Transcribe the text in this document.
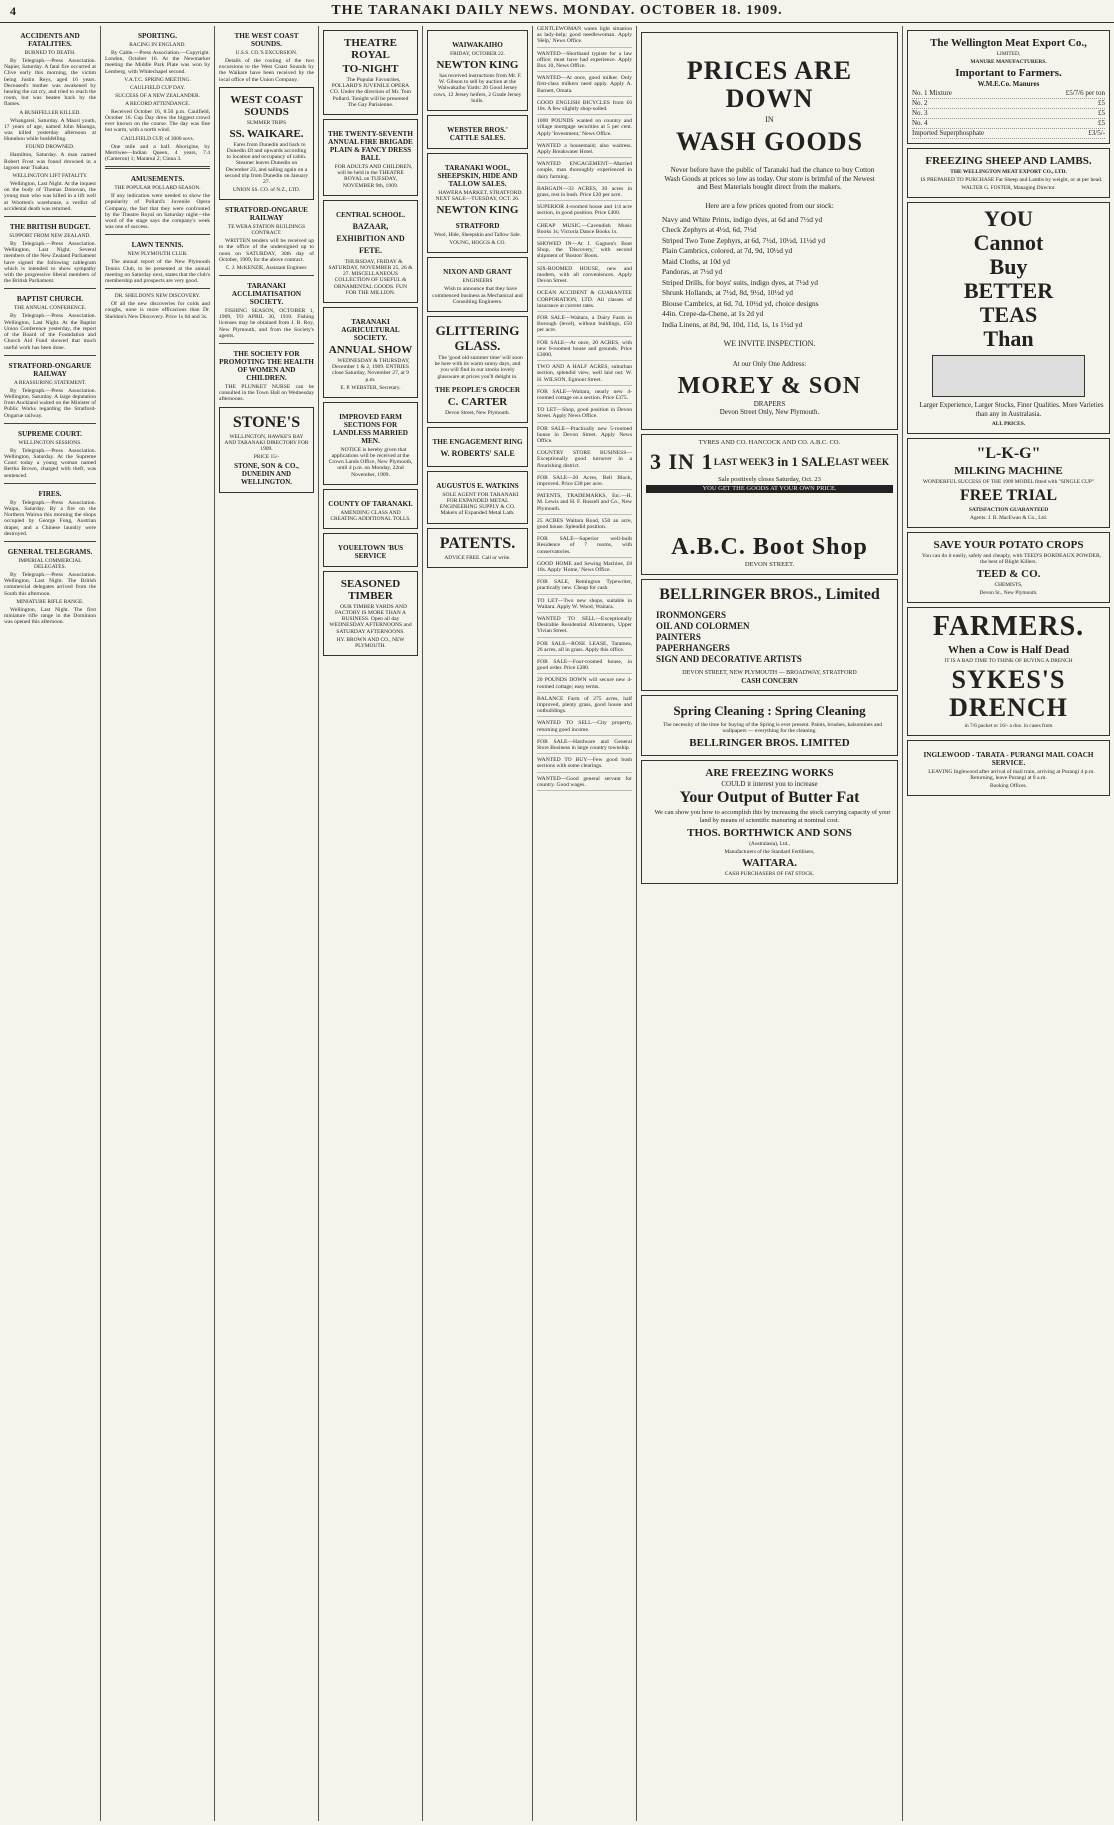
4	THE TARANAKI DAILY NEWS. MONDAY. OCTOBER 18. 1909.
ACCIDENTS AND FATALITIES.
BURNED TO DEATH.

By Telegraph.—Press Association. Napier, Saturday. A fatal fire occurred at Clive early this morning, the victim being Justin Reys, aged 16 years. Deceased's mother was awakened by hearing the cat cry, and tried to reach the room, but was beaten back by the flames.

A BUSHFELLER KILLED.

Whangarei, Saturday. A Maori youth, 17 years of age, named John Maunga, was killed yesterday afternoon at Hunuhou while bushfelling.

FOUND DROWNED.

Hamilton, Saturday. A man named Robert Frost was found drowned in a lagoon near Tuakau.

WELLINGTON LIFT FATALITY.

Wellington, Last Night. At the inquest on the body of Thomas Donovan, the young man who was killed in a lift well at Wootten's warehouse, a verdict of accidental death was returned.

THE BRITISH BUDGET.
SUPPORT FROM NEW ZEALAND.

By Telegraph.—Press Association. Wellington, Last Night. Several members of the New Zealand Parliament have signed the following cablegram which is intended to show sympathy with the progressive liberal members of the British Parliament.

BAPTIST CHURCH.
THE ANNUAL CONFERENCE.

By Telegraph.—Press Association. Wellington, Last Night. At the Baptist Union Conference yesterday, the report of the Board of the Foundation and Church Aid Fund showed that much useful work has been done.

STRATFORD-ONGARUE RAILWAY
A REASSURING STATEMENT.

By Telegraph.—Press Association. Wellington, Saturday. A large deputation from Auckland waited on the Minister of Public Works regarding the Stratford-Ongarue railway.

SUPREME COURT.
WELLINGTON SESSIONS.

By Telegraph.—Press Association. Wellington, Saturday. At the Supreme Court today a young woman named Bertha Brown, charged with theft, was sentenced.

FIRES.

By Telegraph.—Press Association. Waipu, Saturday. By a fire on the Northern Wairoa this morning the shops occupied by George Fong, Austrian draper, and a Chinese laundry were destroyed.

GENERAL TELEGRAMS.
IMPERIAL COMMERCIAL DELEGATES.

By Telegraph.—Press Association. Wellington, Last Night. The British commercial delegates arrived from the South this afternoon.

MINIATURE RIFLE RANGE.

Wellington, Last Night. The first miniature rifle range in the Dominion was opened this afternoon.

SPORTING.
RACING IN ENGLAND.

By Cable.—Press Association.—Copyright. London, October 16. At the Newmarket meeting the Middle Park Plate was won by Lemberg, with Whitechapel second.

V.A.T.C. SPRING MEETING.
CAULFIELD CUP DAY.
SUCCESS OF A NEW ZEALANDER.
A RECORD ATTENDANCE.

Received October 16, 8.50 p.m. Caulfield, October 16. Cup Day drew the biggest crowd ever known on the course. The day was fine but warm, with a north wind.

CAULFIELD CUP, of 3000 sovs.

One mile and a half. Aborigine, by Merriwee—Indian Queen, 4 years, 7.4 (Cameron) 1; Maranui 2; Cinna 3.

AMUSEMENTS.
THE POPULAR POLLARD SEASON.

If any indication were needed to show the popularity of Pollard's Juvenile Opera Company, the fact that they were confronted by the Theatre Royal on Saturday night—the word of the stage says the company's week was one of success.

LAWN TENNIS.
NEW PLYMOUTH CLUB.

The annual report of the New Plymouth Tennis Club, to be presented at the annual meeting on Saturday next, states that the club's membership and prospects are very good.

DR. SHELDON'S NEW DISCOVERY.

Of all the new discoveries for colds and coughs, none is more efficacious than Dr. Sheldon's New Discovery. Price 1s 6d and 3s.

THE WEST COAST SOUNDS.
U.S.S. CO.'S EXCURSION.

Details of the routing of the two excursions to the West Coast Sounds by the Waikare have been received by the local office of the Union Company.

WEST COAST SOUNDS
SUMMER TRIPS
SS. WAIKARE.

Fares from Dunedin and back to Dunedin £8 and upwards according to location and occupancy of cabin. Steamer leaves Dunedin on December 23, and sailing again on a second trip from Dunedin on January 27.

UNION SS. CO. of N.Z., LTD.
STRATFORD-ONGARUE RAILWAY
TE WERA STATION BUILDINGS CONTRACT.

WRITTEN tenders will be received up to the office of the undersigned up to noon on SATURDAY, 30th day of October, 1909, for the above contract.

C. J. McKENZIE, Assistant Engineer.
TARANAKI ACCLIMATISATION SOCIETY.

FISHING SEASON, OCTOBER 1, 1909, TO APRIL 30, 1910. Fishing licenses may be obtained from J. B. Roy, New Plymouth, and from the Society's agents.

THE SOCIETY FOR PROMOTING THE HEALTH OF WOMEN AND CHILDREN.

THE PLUNKET NURSE can be consulted in the Town Hall on Wednesday afternoons.

STONE'S
WELLINGTON, HAWKE'S BAY AND TARANAKI DIRECTORY FOR 1909.
PRICE 15/-
STONE, SON & CO., DUNEDIN AND WELLINGTON.
THEATRE ROYAL
TO-NIGHT

The Popular Favourites, POLLARD'S JUVENILE OPERA CO. Under the direction of Mr. Tom Pollard. Tonight will be presented The Gay Parisienne.

THE TWENTY-SEVENTH ANNUAL FIRE BRIGADE PLAIN & FANCY DRESS BALL

FOR ADULTS AND CHILDREN, will be held in the THEATRE ROYAL on TUESDAY, NOVEMBER 9th, 1909.

CENTRAL SCHOOL.
BAZAAR, EXHIBITION AND FETE.

THURSDAY, FRIDAY & SATURDAY, NOVEMBER 25, 26 & 27. MISCELLANEOUS COLLECTION OF USEFUL & ORNAMENTAL GOODS. FUN FOR THE MILLION.

TARANAKI AGRICULTURAL SOCIETY.
ANNUAL SHOW

WEDNESDAY & THURSDAY, December 1 & 2, 1909. ENTRIES close Saturday, November 27, at 9 p.m.

E. P. WEBSTER, Secretary.
IMPROVED FARM SECTIONS FOR LANDLESS MARRIED MEN.

NOTICE is hereby given that applications will be received at the Crown Lands Office, New Plymouth, until 4 p.m. on Monday, 22nd November, 1909.

COUNTY OF TARANAKI.
AMENDING CLASS AND CREATING ADDITIONAL TOLLS.
YOUELTOWN 'BUS SERVICE
SEASONED TIMBER

OUR TIMBER YARDS AND FACTORY IS MORE THAN A BUSINESS. Open all day WEDNESDAY AFTERNOONS and SATURDAY AFTERNOONS.

HY. BROWN AND CO., NEW PLYMOUTH.
WAIWAKAIHO
FRIDAY, OCTOBER 22.
NEWTON KING

has received instructions from Mr. F. W. Gibson to sell by auction at the Waiwakaiho Yards: 20 Good Jersey cows, 12 Jersey heifers, 2 Grade Jersey bulls.

WEBSTER BROS.' CATTLE SALES.
TARANAKI WOOL, SHEEPSKIN, HIDE AND TALLOW SALES.

HAWERA MARKET, STRATFORD. NEXT SALE—TUESDAY, OCT. 26.

NEWTON KING
STRATFORD
Wool, Hide, Sheepskin and Tallow Sale.
YOUNG, HOGGS & CO.
NIXON AND GRANT
ENGINEERS

Wish to announce that they have commenced business as Mechanical and Consulting Engineers.

GLITTERING GLASS.

The 'good old summer time' will soon be here with its warm sunny days, and you will find in our stocks lovely glassware at prices you'll delight in.

THE PEOPLE'S GROCER
C. CARTER
Devon Street, New Plymouth.
THE ENGAGEMENT RING
W. ROBERTS' SALE
AUGUSTUS E. WATKINS

SOLE AGENT FOR TARANAKI FOR EXPANDED METAL ENGINEERING SUPPLY & CO. Makers of Expanded Metal Lath.

PATENTS.
ADVICE FREE. Call or write.
GENTLEWOMAN wants light situation as lady-help; good needlewoman. Apply 'Help,' News Office.
WANTED—Shorthand typiste for a law office; must have had experience. Apply Box 10, News Office.
WANTED—At once, good milker. Only first-class milkers need apply. Apply A. Barnett, Omata.
GOOD ENGLISH BICYCLES from £6 10s. A few slightly shop-soiled.
1000 POUNDS wanted on country and village mortgage securities at 5 per cent. Apply 'Investment,' News Office.
WANTED a housemaid; also waitress. Apply Breakwater Hotel.
WANTED ENGAGEMENT—Married couple, man thoroughly experienced in dairy farming.
BARGAIN—33 ACRES, 30 acres in grass, rest in bush. Price £20 per acre.
SUPERIOR 4-roomed house and 1/4 acre section, in good position. Price £400.
CHEAP MUSIC.—Cavendish Music Books 1s; Victoria Dance Books 1s.
SHOWED IN—At J. Gagnon's Boot Shop, the 'Discovery,' with second shipment of 'Boston' Boots.
SIX-ROOMED HOUSE, new and modern, with all conveniences. Apply Devon Street.
OCEAN ACCIDENT & GUARANTEE CORPORATION, LTD. All classes of insurance at current rates.
FOR SALE—Waitara, a Dairy Farm in Borough (level), without buildings, £50 per acre.
FOR SALE—At once, 20 ACRES, with new 6-roomed house and grounds. Price £3000.
TWO AND A HALF ACRES, suburban section, splendid view, well laid out. W. H. WILSON, Egmont Street.
FOR SALE—Waitara, nearly new 4-roomed cottage on a section. Price £375.
TO LET—Shop, good position in Devon Street. Apply News Office.
FOR SALE—Practically new 5-roomed house in Devon Street. Apply News Office.
COUNTRY STORE BUSINESS—Exceptionally good turnover in a flourishing district.
FOR SALE—20 Acres, Bell Block, improved. Price £38 per acre.
PATENTS, TRADEMARKS, Etc.—H. M. Lewis and H. F. Russell and Co., New Plymouth.
25 ACRES Waitara Road, £50 an acre, good house. Splendid position.
FOR SALE—Superior well-built Residence of 7 rooms, with conservatories.
GOOD HOME and Sewing Machine, £8 10s. Apply 'Home,' News Office.
FOR SALE, Remington Typewriter, practically new. Cheap for cash.
TO LET—Two new shops, suitable in Waitara. Apply W. Wood, Waitara.
WANTED TO SELL—Exceptionally Desirable Residential Allotments, Upper Vivian Street.
FOR SALE—ROSE LEASE, Taramea, 26 acres, all in grass. Apply this office.
FOR SALE—Four-roomed house, in good order. Price £280.
20 POUNDS DOWN will secure new 4-roomed cottage; easy terms.
BALANCE Farm of 275 acres, half improved, plenty grass, good house and outbuildings.
WANTED TO SELL—City property, returning good income.
FOR SALE—Hardware and General Store Business in large country township.
WANTED TO BUY—Few good bush sections with some clearings.
WANTED—Good general servant for country. Good wages.
PRICES ARE DOWN
IN
WASH GOODS

Never before have the public of Taranaki had the chance to buy Cotton Wash Goods at prices so low as today. Our store is brimful of the Newest and Best Materials bought direct from the makers.

Here are a few prices quoted from our stock:
Navy and White Prints, indigo dyes, at 6d and 7½d yd
Check Zephyrs at 4½d, 6d, 7½d
Striped Two Tone Zephyrs, at 6d, 7½d, 10½d, 11½d yd
Plain Cambrics, colored, at 7d, 9d, 10½d yd
Maid Cloths, at 10d yd
Pandoras, at 7½d yd
Striped Drills, for boys' suits, indigo dyes, at 7½d yd
Shrunk Hollands, at 7½d, 8d, 9½d, 10½d yd
Blouse Cambrics, at 6d, 7d, 10½d yd, choice designs
44in. Crepe-da-Chene, at 1s 2d yd
India Linens, at 8d, 9d, 10d, 11d, 1s, 1s 1½d yd
WE INVITE INSPECTION.
At our Only One Address:
MOREY & SON
DRAPERS
Devon Street Only, New Plymouth.
TYRES AND CO. HANCOCK AND CO. A.B.C. CO.
3 IN 1 LAST WEEK 3 in 1 SALE LAST WEEK
Sale positively closes Saturday, Oct. 23
YOU GET THE GOODS AT YOUR OWN PRICE.
A.B.C. Boot Shop
DEVON STREET.
BELLRINGER BROS., Limited
IRONMONGERS
OIL AND COLORMEN
PAINTERS
PAPERHANGERS
SIGN AND DECORATIVE ARTISTS
DEVON STREET, NEW PLYMOUTH — BROADWAY, STRATFORD
CASH CONCERN
Spring Cleaning : Spring Cleaning

The necessity of the time for buying of the Spring is ever present. Paints, brushes, kalsomines and wallpapers — everything for the cleaning.

BELLRINGER BROS. LIMITED
ARE FREEZING WORKS
COULD it interest you to increase
Your Output of Butter Fat

We can show you how to accomplish this by increasing the stock carrying capacity of your land by means of scientific manuring at nominal cost.

THOS. BORTHWICK AND SONS
(Australasia), Ltd.,
Manufacturers of the Standard Fertilisers,
WAITARA.
CASH PURCHASERS OF FAT STOCK.
The Wellington Meat Export Co.,
LIMITED,
MANURE MANUFACTURERS.
Important to Farmers.
W.M.E.Co. Manures
No. 1 Mixture	£5/7/6 per ton
No. 2	£5
No. 3	£5
No. 4	£5
Imported Superphosphate	£3/5/-
FREEZING SHEEP AND LAMBS.
THE WELLINGTON MEAT EXPORT CO., LTD.

IS PREPARED TO PURCHASE Fat Sheep and Lambs by weight, or at per head.

WALTER G. FOSTER, Managing Director.
YOU
Cannot
Buy
BETTER
TEAS
Than

Larger Experience, Larger Stocks, Finer Qualities. More Varieties than any in Australasia.

ALL PRICES.
"L-K-G"
MILKING MACHINE
WONDERFUL SUCCESS OF THE 1909 MODEL fitted with "SINGLE CUP"
FREE TRIAL
SATISFACTION GUARANTEED
Agents: J. B. MacEwan & Co., Ltd.
SAVE YOUR POTATO CROPS

You can do it easily, safely and cheaply, with TEED'S BORDEAUX POWDER, the best of Blight Killers.

TEED & CO.
CHEMISTS,
Devon St., New Plymouth.
FARMERS.
When a Cow is Half Dead
IT IS A BAD TIME TO THINK OF BUYING A DRENCH
SYKES'S
DRENCH
in 7/6 packet or 16/- a doz. in cases from
INGLEWOOD - TARATA - PURANGI MAIL COACH SERVICE.

LEAVING Inglewood after arrival of mail train, arriving at Purangi 4 p.m. Returning, leave Purangi at 8 a.m.

Booking Offices.
